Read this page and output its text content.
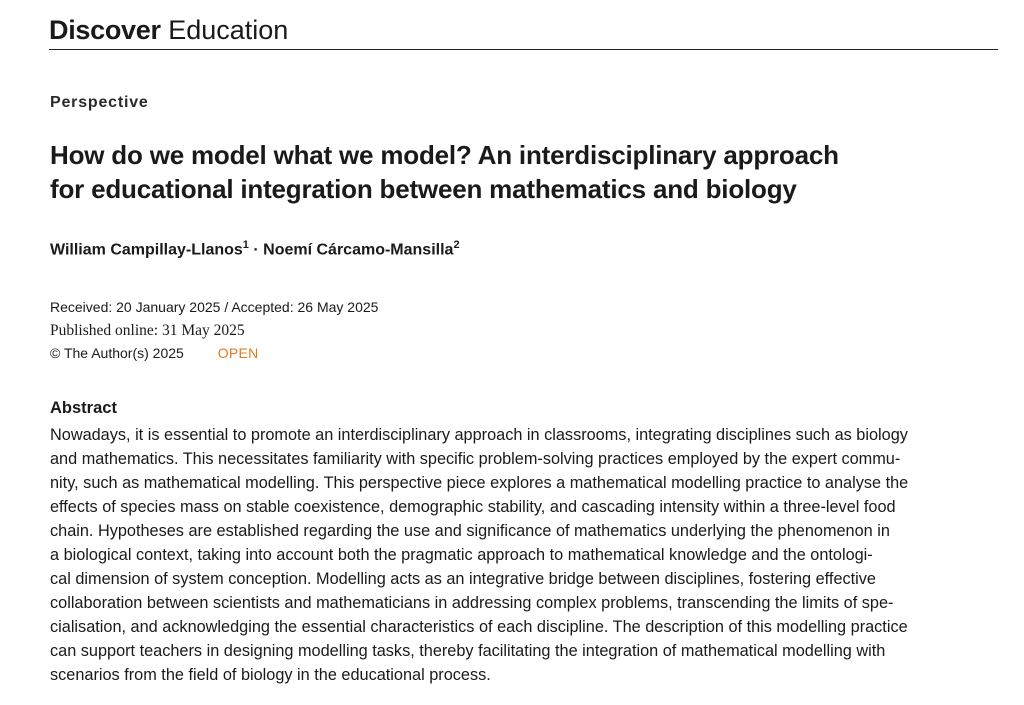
Discover Education
Perspective
How do we model what we model? An interdisciplinary approach
for educational integration between mathematics and biology
William Campillay-Llanos$^1$ · Noemí Cárcamo-Mansilla$^2$
Received: 20 January 2025 / Accepted: 26 May 2025
Published online: 31 May 2025
© The Author(s) 2025 OPEN
Abstract

Nowadays, it is essential to promote an interdisciplinary approach in classrooms, integrating disciplines such as biology
and mathematics. This necessitates familiarity with specific problem-solving practices employed by the expert commu-
nity, such as mathematical modelling. This perspective piece explores a mathematical modelling practice to analyse the
effects of species mass on stable coexistence, demographic stability, and cascading intensity within a three-level food
chain. Hypotheses are established regarding the use and significance of mathematics underlying the phenomenon in
a biological context, taking into account both the pragmatic approach to mathematical knowledge and the ontologi-
cal dimension of system conception. Modelling acts as an integrative bridge between disciplines, fostering effective
collaboration between scientists and mathematicians in addressing complex problems, transcending the limits of spe-
cialisation, and acknowledging the essential characteristics of each discipline. The description of this modelling practice
can support teachers in designing modelling tasks, thereby facilitating the integration of mathematical modelling with
scenarios from the field of biology in the educational process.
